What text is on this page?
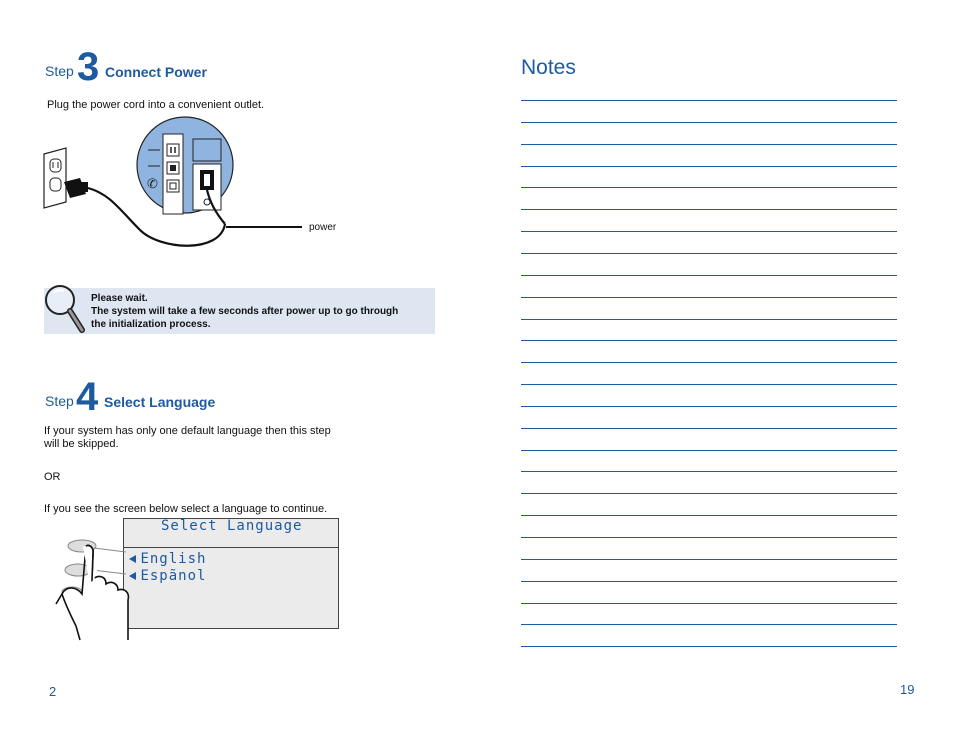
Step 3 Connect Power
Plug the power cord into a convenient outlet.
✆
power
Please wait.
The system will take a few seconds after power up to go through
the initialization process.
Step 4 Select Language
If your system has only one default language then this step
will be skipped.
OR
If you see the screen below select a language to continue.
Select Language
English
Espãnol
2
Notes
19
